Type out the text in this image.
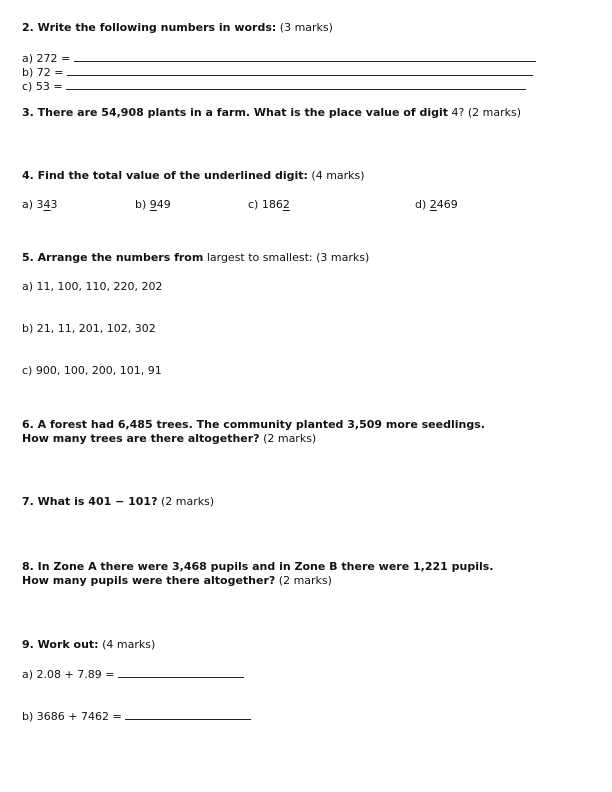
2. Write the following numbers in words: (3 marks)
a) 272 =
b) 72 =
c) 53 =
3. There are 54,908 plants in a farm. What is the place value of digit 4? (2 marks)
4. Find the total value of the underlined digit: (4 marks)
a) 343	b) 949	c) 1862	d) 2469
5. Arrange the numbers from largest to smallest: (3 marks)
a) 11, 100, 110, 220, 202
b) 21, 11, 201, 102, 302
c) 900, 100, 200, 101, 91
6. A forest had 6,485 trees. The community planted 3,509 more seedlings.
How many trees are there altogether? (2 marks)
7. What is 401 − 101? (2 marks)
8. In Zone A there were 3,468 pupils and in Zone B there were 1,221 pupils.
How many pupils were there altogether? (2 marks)
9. Work out: (4 marks)
a) 2.08 + 7.89 =
b) 3686 + 7462 =
